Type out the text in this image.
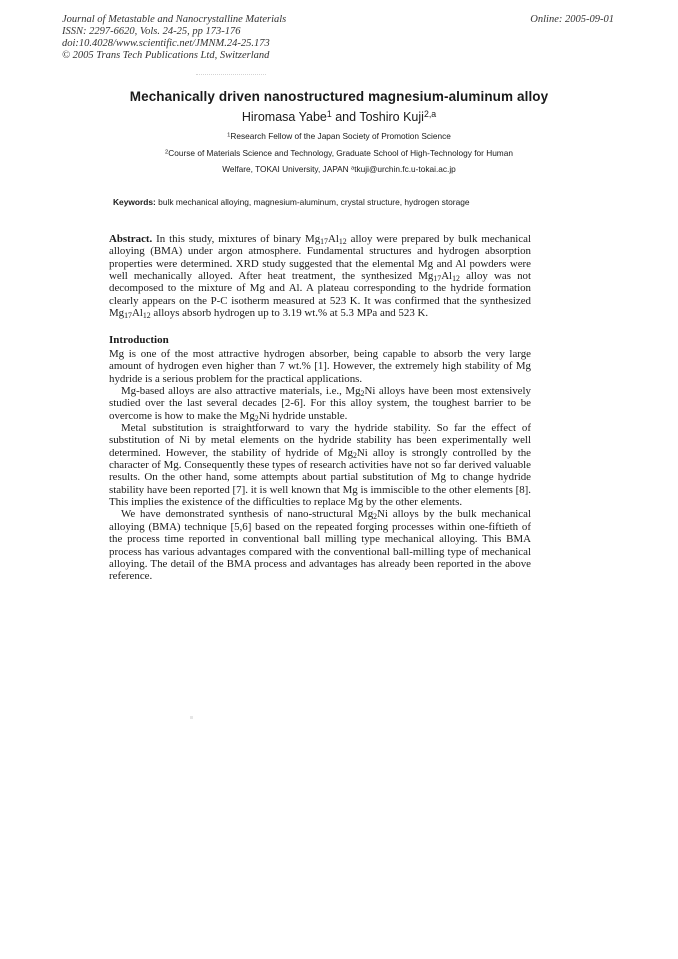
Journal of Metastable and Nanocrystalline Materials
ISSN: 2297-6620, Vols. 24-25, pp 173-176
doi:10.4028/www.scientific.net/JMNM.24-25.173
© 2005 Trans Tech Publications Ltd, Switzerland
Online: 2005-09-01
Mechanically driven nanostructured magnesium-aluminum alloy
Hiromasa Yabe$^1$ and Toshiro Kuji$^{2,a}$
$^1$Research Fellow of the Japan Society of Promotion Science
$^2$Course of Materials Science and Technology, Graduate School of High-Technology for Human
Welfare, TOKAI University, JAPAN $^a$tkuji@urchin.fc.u-tokai.ac.jp
Keywords: bulk mechanical alloying, magnesium-aluminum, crystal structure, hydrogen storage

Abstract. In this study, mixtures of binary $Mg_{17}Al_{12}$ alloy were prepared by bulk mechanical alloying (BMA) under argon atmosphere. Fundamental structures and hydrogen absorption properties were determined. XRD study suggested that the elemental Mg and Al powders were well mechanically alloyed. After heat treatment, the synthesized $Mg_{17}Al_{12}$ alloy was not decomposed to the mixture of Mg and Al. A plateau corresponding to the hydride formation clearly appears on the P-C isotherm measured at 523 K. It was confirmed that the synthesized $Mg_{17}Al_{12}$ alloys absorb hydrogen up to 3.19 wt.% at 5.3 MPa and 523 K.

Introduction

Mg is one of the most attractive hydrogen absorber, being capable to absorb the very large amount of hydrogen even higher than 7 wt.% [1]. However, the extremely high stability of Mg hydride is a serious problem for the practical applications.

Mg-based alloys are also attractive materials, i.e., $Mg_2Ni$ alloys have been most extensively studied over the last several decades [2-6]. For this alloy system, the toughest barrier to be overcome is how to make the $Mg_2Ni$ hydride unstable.

Metal substitution is straightforward to vary the hydride stability. So far the effect of substitution of Ni by metal elements on the hydride stability has been experimentally well determined. However, the stability of hydride of $Mg_2Ni$ alloy is strongly controlled by the character of Mg. Consequently these types of research activities have not so far derived valuable results. On the other hand, some attempts about partial substitution of Mg to change hydride stability have been reported [7]. it is well known that Mg is immiscible to the other elements [8]. This implies the existence of the difficulties to replace Mg by the other elements.

We have demonstrated synthesis of nano-structural $Mg_2Ni$ alloys by the bulk mechanical alloying (BMA) technique [5,6] based on the repeated forging processes within one-fiftieth of the process time reported in conventional ball milling type mechanical alloying. This BMA process has various advantages compared with the conventional ball-milling type of mechanical alloying. The detail of the BMA process and advantages has already been reported in the above reference.
